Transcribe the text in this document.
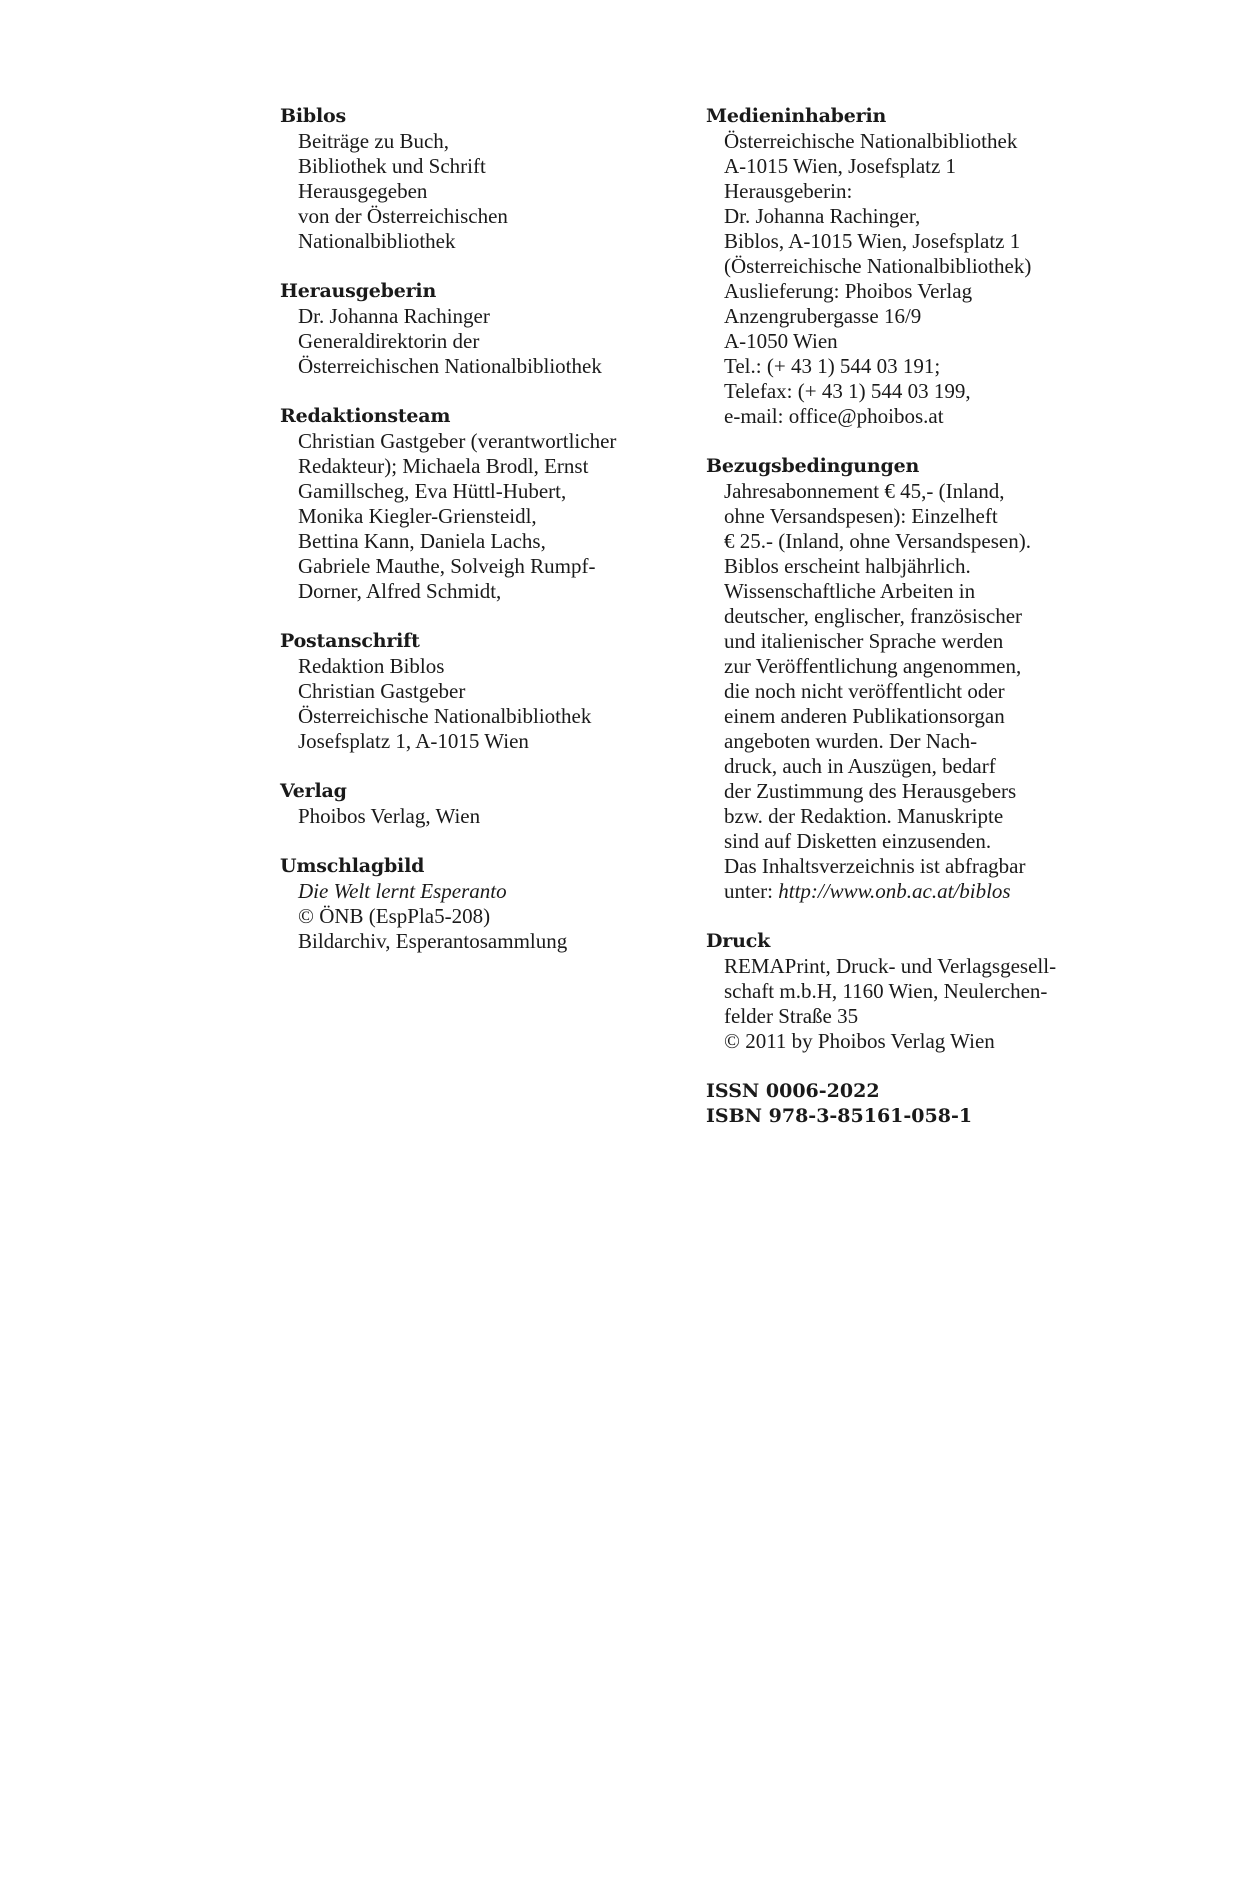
Biblos

Beiträge zu Buch,

Bibliothek und Schrift

Herausgegeben

von der Österreichischen

Nationalbibliothek

Herausgeberin

Dr. Johanna Rachinger

Generaldirektorin der

Österreichischen Nationalbibliothek

Redaktionsteam

Christian Gastgeber (verantwortlicher

Redakteur); Michaela Brodl, Ernst

Gamillscheg, Eva Hüttl-Hubert,

Monika Kiegler-Griensteidl,

Bettina Kann, Daniela Lachs,

Gabriele Mauthe, Solveigh Rumpf-

Dorner, Alfred Schmidt,

Postanschrift

Redaktion Biblos

Christian Gastgeber

Österreichische Nationalbibliothek

Josefsplatz 1, A-1015 Wien

Verlag

Phoibos Verlag, Wien

Umschlagbild

Die Welt lernt Esperanto

© ÖNB (EspPla5-208)

Bildarchiv, Esperantosammlung

Medieninhaberin

Österreichische Nationalbibliothek

A-1015 Wien, Josefsplatz 1

Herausgeberin:

Dr. Johanna Rachinger,

Biblos, A-1015 Wien, Josefsplatz 1

(Österreichische Nationalbibliothek)

Auslieferung: Phoibos Verlag

Anzengrubergasse 16/9

A-1050 Wien

Tel.: (+ 43 1) 544 03 191;

Telefax: (+ 43 1) 544 03 199,

e-mail: office@phoibos.at

Bezugsbedingungen

Jahresabonnement € 45,- (Inland,

ohne Versandspesen): Einzelheft

€ 25.- (Inland, ohne Versandspesen).

Biblos erscheint halbjährlich.

Wissenschaftliche Arbeiten in

deutscher, englischer, französischer

und italienischer Sprache werden

zur Veröffentlichung angenommen,

die noch nicht veröffentlicht oder

einem anderen Publikationsorgan

angeboten wurden. Der Nach-

druck, auch in Auszügen, bedarf

der Zustimmung des Herausgebers

bzw. der Redaktion. Manuskripte

sind auf Disketten einzusenden.

Das Inhaltsverzeichnis ist abfragbar

unter: http://www.onb.ac.at/biblos

Druck

REMAPrint, Druck- und Verlagsgesell-

schaft m.b.H, 1160 Wien, Neulerchen-

felder Straße 35

© 2011 by Phoibos Verlag Wien

ISSN 0006-2022

ISBN 978-3-85161-058-1
